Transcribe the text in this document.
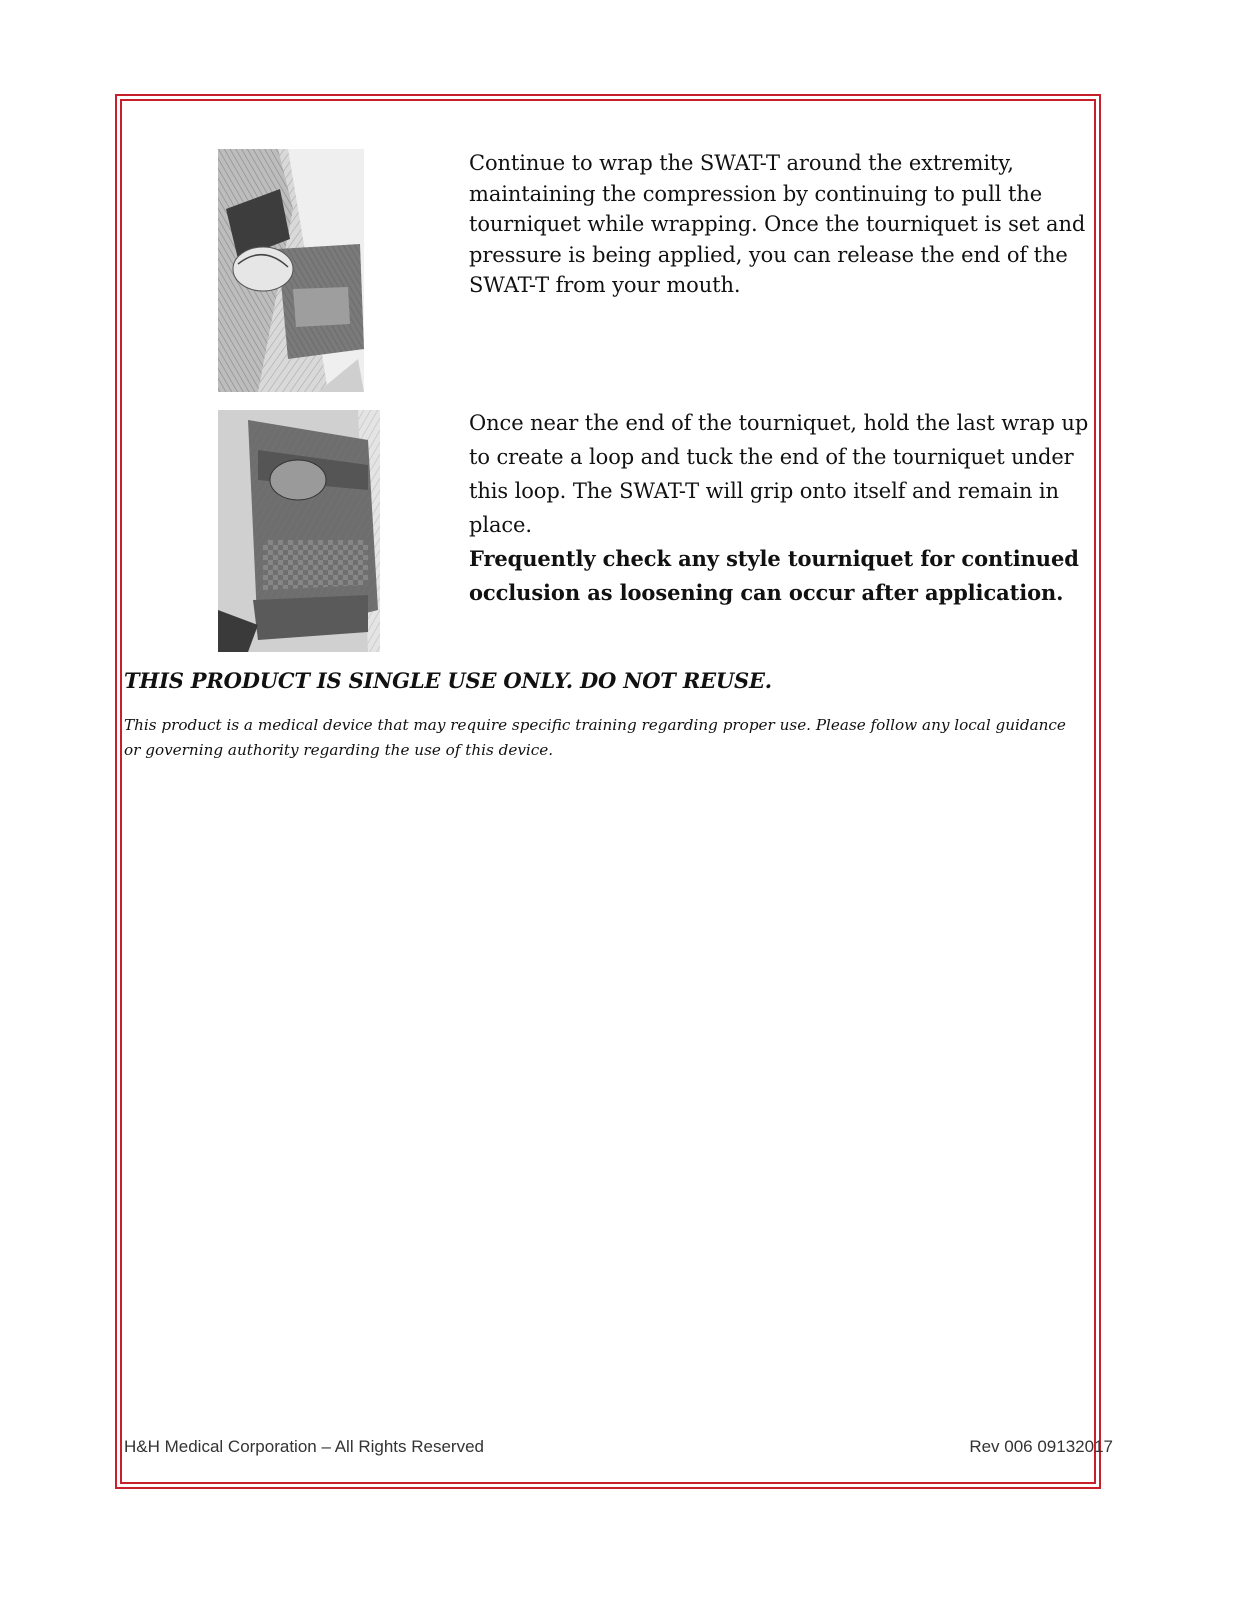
Continue to wrap the SWAT-T around the extremity, maintaining the compression by continuing to pull the tourniquet while wrapping. Once the tourniquet is set and pressure is being applied, you can release the end of the SWAT-T from your mouth.

Once near the end of the tourniquet, hold the last wrap up to create a loop and tuck the end of the tourniquet under this loop. The SWAT-T will grip onto itself and remain in place.
Frequently check any style tourniquet for continued occlusion as loosening can occur after application.

THIS PRODUCT IS SINGLE USE ONLY. DO NOT REUSE.
This product is a medical device that may require specific training regarding proper use. Please follow any local guidance or governing authority regarding the use of this device.
H&H Medical Corporation – All Rights Reserved	Rev 006 09132017
